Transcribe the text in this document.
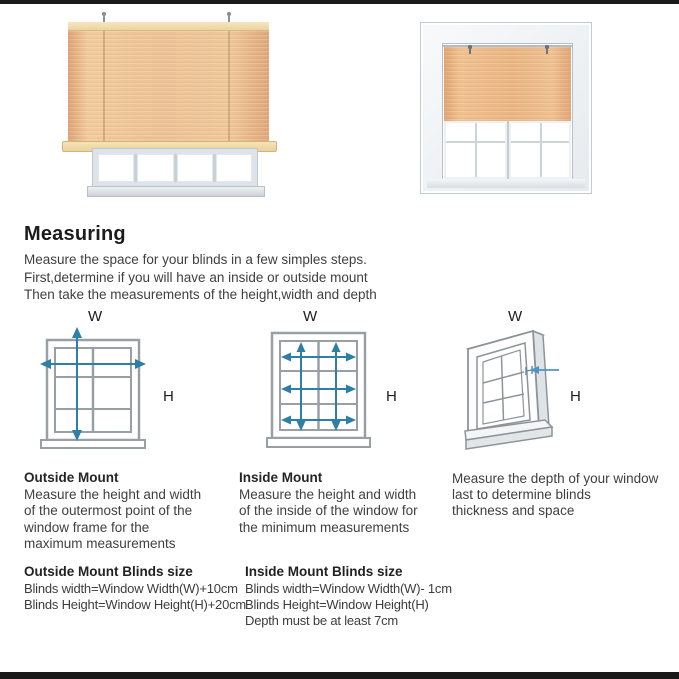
Measuring
Measure the space for your blinds in a few simples steps.
First,determine if you will have an inside or outside mount
Then take the measurements of the height,width and depth
W
H
W
H
W
H
Outside Mount
Measure the height and width
of the outermost point of the
window frame for the
maximum measurements
Inside Mount
Measure the height and width
of the inside of the window for
the minimum measurements
Measure the depth of your window
last to determine blinds
thickness and space
Outside Mount Blinds size
Blinds width=Window Width(W)+10cm
Blinds Height=Window Height(H)+20cm
Inside Mount Blinds size
Blinds width=Window Width(W)- 1cm
Blinds Height=Window Height(H)
Depth must be at least 7cm
